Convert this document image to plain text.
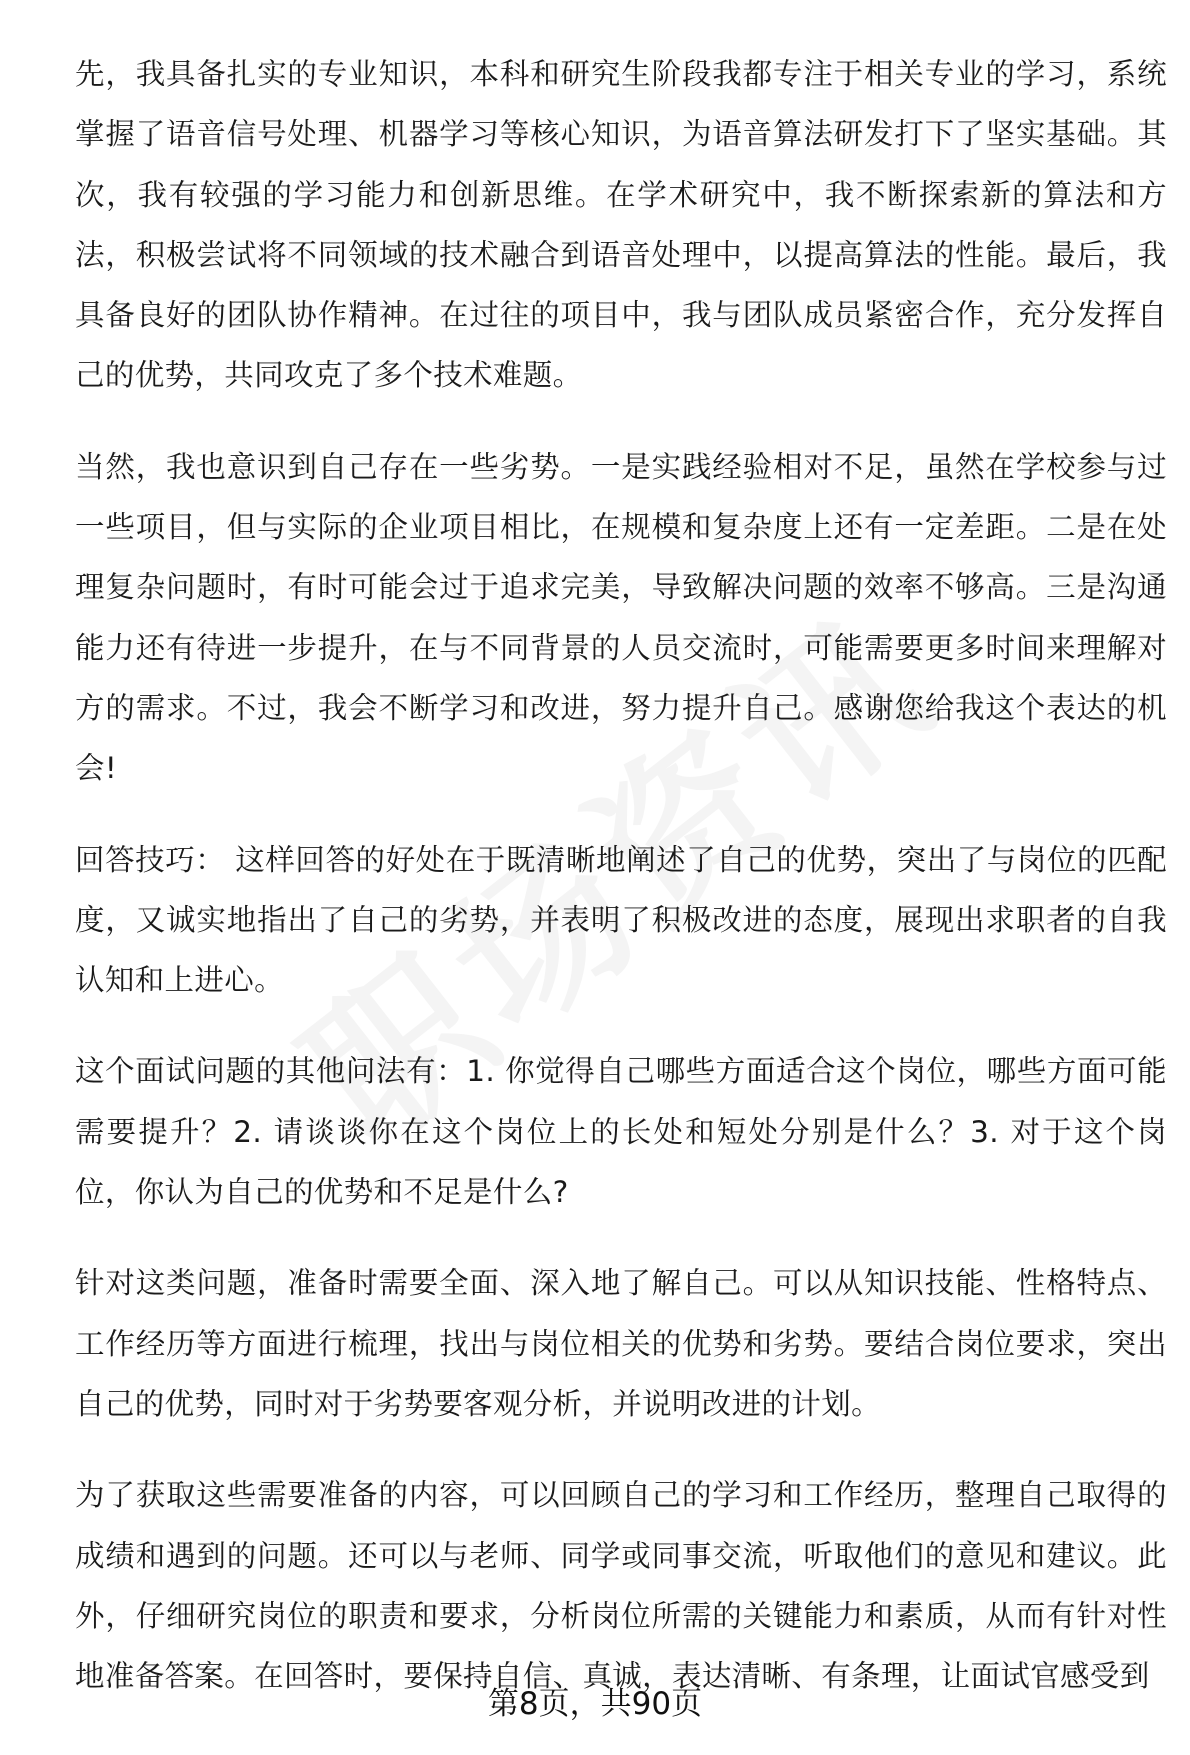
先，我具备扎实的专业知识，本科和研究生阶段我都专注于相关专业的学习，系统掌握了语音信号处理、机器学习等核心知识，为语音算法研发打下了坚实基础。其次，我有较强的学习能力和创新思维。在学术研究中，我不断探索新的算法和方法，积极尝试将不同领域的技术融合到语音处理中，以提高算法的性能。最后，我具备良好的团队协作精神。在过往的项目中，我与团队成员紧密合作，充分发挥自己的优势，共同攻克了多个技术难题。

当然，我也意识到自己存在一些劣势。一是实践经验相对不足，虽然在学校参与过一些项目，但与实际的企业项目相比，在规模和复杂度上还有一定差距。二是在处理复杂问题时，有时可能会过于追求完美，导致解决问题的效率不够高。三是沟通能力还有待进一步提升，在与不同背景的人员交流时，可能需要更多时间来理解对方的需求。不过，我会不断学习和改进，努力提升自己。感谢您给我这个表达的机会!

回答技巧： 这样回答的好处在于既清晰地阐述了自己的优势，突出了与岗位的匹配度，又诚实地指出了自己的劣势，并表明了积极改进的态度，展现出求职者的自我认知和上进心。

这个面试问题的其他问法有：1. 你觉得自己哪些方面适合这个岗位，哪些方面可能需要提升？2. 请谈谈你在这个岗位上的长处和短处分别是什么？3. 对于这个岗位，你认为自己的优势和不足是什么?

针对这类问题，准备时需要全面、深入地了解自己。可以从知识技能、性格特点、工作经历等方面进行梳理，找出与岗位相关的优势和劣势。要结合岗位要求，突出自己的优势，同时对于劣势要客观分析，并说明改进的计划。

为了获取这些需要准备的内容，可以回顾自己的学习和工作经历，整理自己取得的成绩和遇到的问题。还可以与老师、同学或同事交流，听取他们的意见和建议。此外，仔细研究岗位的职责和要求，分析岗位所需的关键能力和素质，从而有针对性地准备答案。在回答时，要保持自信、真诚，表达清晰、有条理，让面试官感受到

第8页，共90页
